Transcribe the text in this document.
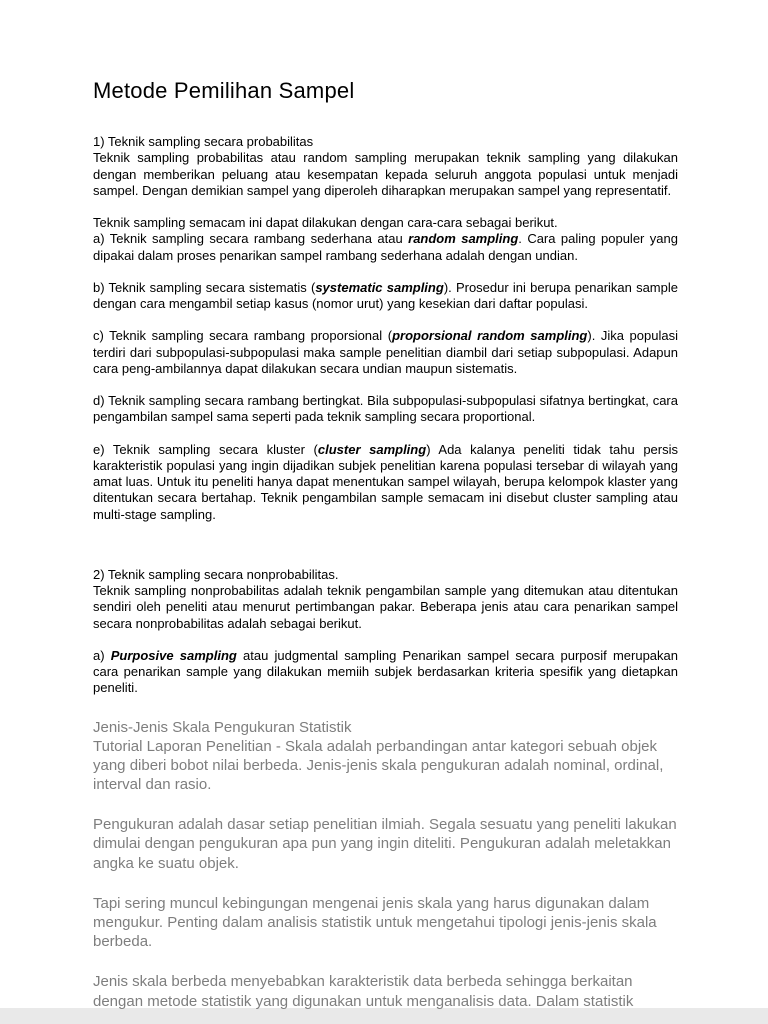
Metode Pemilihan Sampel
1) Teknik sampling secara probabilitas
Teknik sampling probabilitas atau random sampling merupakan teknik sampling yang dilakukan dengan memberikan peluang atau kesempatan kepada seluruh anggota populasi untuk menjadi sampel. Dengan demikian sampel yang diperoleh diharapkan merupakan sampel yang representatif.
Teknik sampling semacam ini dapat dilakukan dengan cara-cara sebagai berikut.
a) Teknik sampling secara rambang sederhana atau random sampling. Cara paling populer yang dipakai dalam proses penarikan sampel rambang sederhana adalah dengan undian.
b) Teknik sampling secara sistematis (systematic sampling). Prosedur ini berupa penarikan sample dengan cara mengambil setiap kasus (nomor urut) yang kesekian dari daftar populasi.
c) Teknik sampling secara rambang proporsional (proporsional random sampling). Jika populasi terdiri dari subpopulasi-subpopulasi maka sample penelitian diambil dari setiap subpopulasi. Adapun cara peng-ambilannya dapat dilakukan secara undian maupun sistematis.
d) Teknik sampling secara rambang bertingkat. Bila subpopulasi-subpopulasi sifatnya bertingkat, cara pengambilan sampel sama seperti pada teknik sampling secara proportional.
e) Teknik sampling secara kluster (cluster sampling) Ada kalanya peneliti tidak tahu persis karakteristik populasi yang ingin dijadikan subjek penelitian karena populasi tersebar di wilayah yang amat luas. Untuk itu peneliti hanya dapat menentukan sampel wilayah, berupa kelompok klaster yang ditentukan secara bertahap. Teknik pengambilan sample semacam ini disebut cluster sampling atau multi-stage sampling.
2) Teknik sampling secara nonprobabilitas.
Teknik sampling nonprobabilitas adalah teknik pengambilan sample yang ditemukan atau ditentukan sendiri oleh peneliti atau menurut pertimbangan pakar. Beberapa jenis atau cara penarikan sampel secara nonprobabilitas adalah sebagai berikut.
a) Purposive sampling atau judgmental sampling Penarikan sampel secara purposif merupakan cara penarikan sample yang dilakukan memiih subjek berdasarkan kriteria spesifik yang dietapkan peneliti.
Jenis-Jenis Skala Pengukuran Statistik
Tutorial Laporan Penelitian - Skala adalah perbandingan antar kategori sebuah objek yang diberi bobot nilai berbeda. Jenis-jenis skala pengukuran adalah nominal, ordinal, interval dan rasio.
Pengukuran adalah dasar setiap penelitian ilmiah. Segala sesuatu yang peneliti lakukan dimulai dengan pengukuran apa pun yang ingin diteliti. Pengukuran adalah meletakkan angka ke suatu objek.
Tapi sering muncul kebingungan mengenai jenis skala yang harus digunakan dalam mengukur. Penting dalam analisis statistik untuk mengetahui tipologi jenis-jenis skala berbeda.
Jenis skala berbeda menyebabkan karakteristik data berbeda sehingga berkaitan dengan metode statistik yang digunakan untuk menganalisis data. Dalam statistik
